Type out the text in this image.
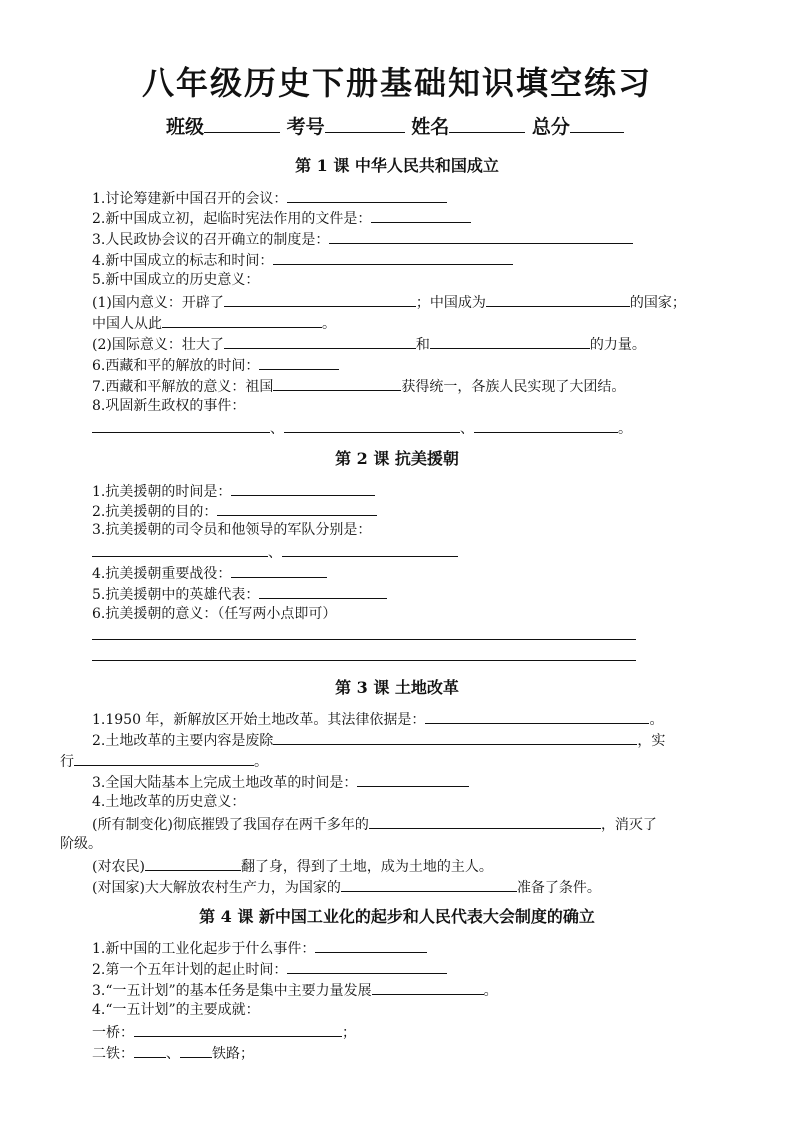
八年级历史下册基础知识填空练习
班级	考号	姓名	总分
第 1 课 中华人民共和国成立
1.讨论筹建新中国召开的会议：
2.新中国成立初，起临时宪法作用的文件是：
3.人民政协会议的召开确立的制度是：
4.新中国成立的标志和时间：
5.新中国成立的历史意义：
(1)国内意义：开辟了	；中国成为	的国家；
中国人从此	。
(2)国际意义：壮大了	和	的力量。
6.西藏和平的解放的时间：
7.西藏和平解放的意义：祖国	获得统一，各族人民实现了大团结。
8.巩固新生政权的事件：
、	、	。
第 2 课 抗美援朝
1.抗美援朝的时间是：
2.抗美援朝的目的：
3.抗美援朝的司令员和他领导的军队分别是：
、
4.抗美援朝重要战役：
5.抗美援朝中的英雄代表：
6.抗美援朝的意义：（任写两小点即可）
第 3 课 土地改革
1.1950 年，新解放区开始土地改革。其法律依据是：	。
2.土地改革的主要内容是废除	，实
行	。
3.全国大陆基本上完成土地改革的时间是：
4.土地改革的历史意义：
(所有制变化)彻底摧毁了我国存在两千多年的	，消灭了
阶级。
(对农民)	翻了身，得到了土地，成为土地的主人。
(对国家)大大解放农村生产力，为国家的	准备了条件。
第 4 课 新中国工业化的起步和人民代表大会制度的确立
1.新中国的工业化起步于什么事件：
2.第一个五年计划的起止时间：
3.“一五计划”的基本任务是集中主要力量发展	。
4.“一五计划”的主要成就：
一桥：	；
二铁： 、 铁路；
